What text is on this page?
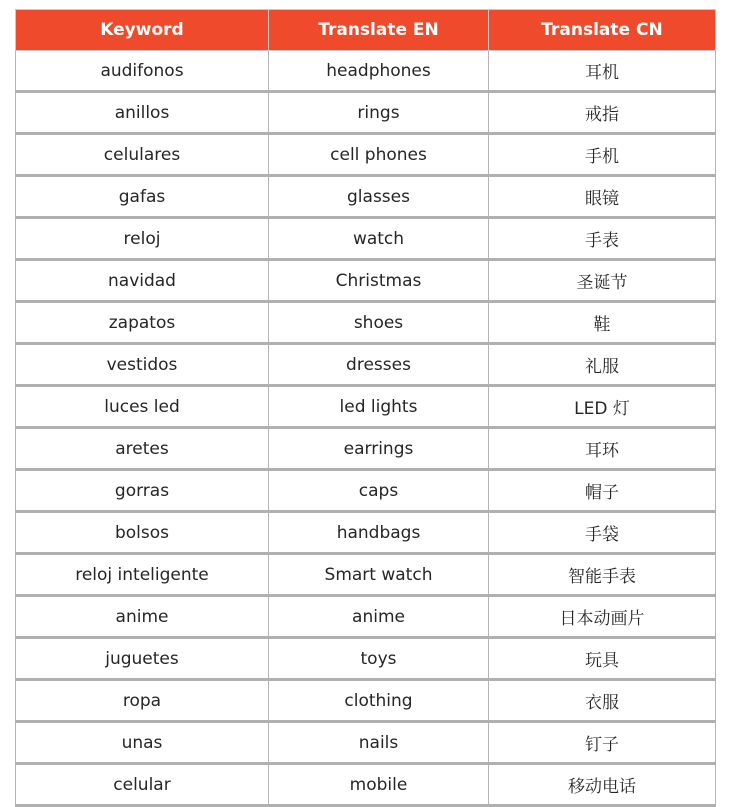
Keyword	Translate EN	Translate CN
audifonos	headphones	耳机
anillos	rings	戒指
celulares	cell phones	手机
gafas	glasses	眼镜
reloj	watch	手表
navidad	Christmas	圣诞节
zapatos	shoes	鞋
vestidos	dresses	礼服
luces led	led lights	LED 灯
aretes	earrings	耳环
gorras	caps	帽子
bolsos	handbags	手袋
reloj inteligente	Smart watch	智能手表
anime	anime	日本动画片
juguetes	toys	玩具
ropa	clothing	衣服
unas	nails	钉子
celular	mobile	移动电话
